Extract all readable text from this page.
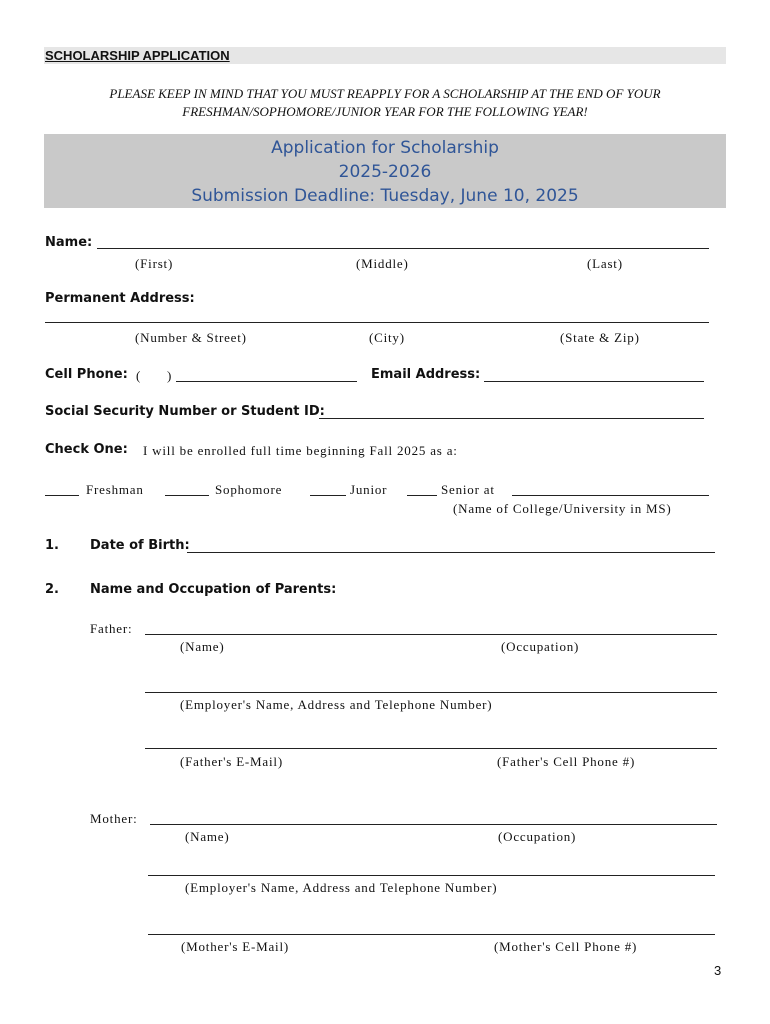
SCHOLARSHIP APPLICATION
PLEASE KEEP IN MIND THAT YOU MUST REAPPLY FOR A SCHOLARSHIP AT THE END OF YOUR
FRESHMAN/SOPHOMORE/JUNIOR YEAR FOR THE FOLLOWING YEAR!
Application for Scholarship
2025-2026
Submission Deadline: Tuesday, June 10, 2025
Name:
(First)	(Middle)	(Last)
Permanent Address:
(Number & Street)	(City)	(State & Zip)
Cell Phone: ( )	Email Address:
Social Security Number or Student ID:
Check One: I will be enrolled full time beginning Fall 2025 as a:
Freshman	Sophomore	Junior	Senior at
(Name of College/University in MS)
1. Date of Birth:
2. Name and Occupation of Parents:
Father:
(Name)	(Occupation)
(Employer's Name, Address and Telephone Number)
(Father's E-Mail)	(Father's Cell Phone #)
Mother:
(Name)	(Occupation)
(Employer's Name, Address and Telephone Number)
(Mother's E-Mail)	(Mother's Cell Phone #)
3
